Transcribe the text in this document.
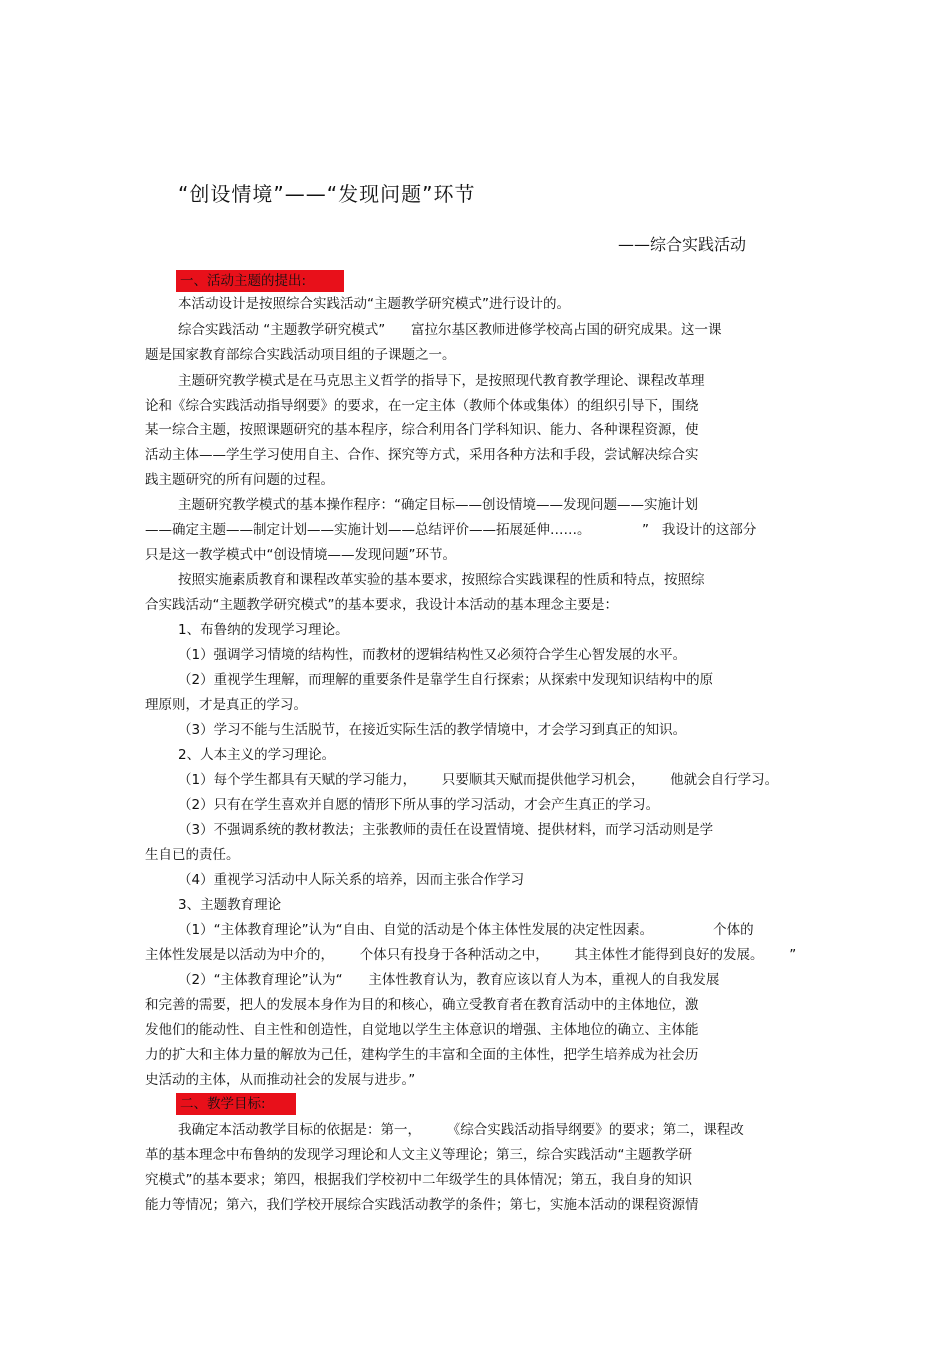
“创设情境”——“发现问题”环节
——综合实践活动
一、活动主题的提出:
本活动设计是按照综合实践活动“主题教学研究模式”进行设计的。
综合实践活动 “主题教学研究模式”      富拉尔基区教师进修学校高占国的研究成果。这一课
题是国家教育部综合实践活动项目组的子课题之一。
主题研究教学模式是在马克思主义哲学的指导下，是按照现代教育教学理论、课程改革理
论和《综合实践活动指导纲要》的要求，在一定主体（教师个体或集体）的组织引导下，围绕
某一综合主题，按照课题研究的基本程序，综合利用各门学科知识、能力、各种课程资源，使
活动主体——学生学习使用自主、合作、探究等方式，采用各种方法和手段，尝试解决综合实
践主题研究的所有问题的过程。
主题研究教学模式的基本操作程序：“确定目标——创设情境——发现问题——实施计划
——确定主题——制定计划——实施计划——总结评价——拓展延伸……。            ”   我设计的这部分
只是这一教学模式中“创设情境——发现问题”环节。
按照实施素质教育和课程改革实验的基本要求，按照综合实践课程的性质和特点，按照综
合实践活动“主题教学研究模式”的基本要求，我设计本活动的基本理念主要是：
1、布鲁纳的发现学习理论。
（1）强调学习情境的结构性，而教材的逻辑结构性又必须符合学生心智发展的水平。
（2）重视学生理解，而理解的重要条件是靠学生自行探索；从探索中发现知识结构中的原
理原则，才是真正的学习。
（3）学习不能与生活脱节，在接近实际生活的教学情境中，才会学习到真正的知识。
2、人本主义的学习理论。
（1）每个学生都具有天赋的学习能力，      只要顺其天赋而提供他学习机会，      他就会自行学习。
（2）只有在学生喜欢并自愿的情形下所从事的学习活动，才会产生真正的学习。
（3）不强调系统的教材教法；主张教师的责任在设置情境、提供材料，而学习活动则是学
生自已的责任。
（4）重视学习活动中人际关系的培养，因而主张合作学习
3、主题教育理论
（1）“主体教育理论”认为“自由、自觉的活动是个体主体性发展的决定性因素。              个体的
主体性发展是以活动为中介的，      个体只有投身于各种活动之中，      其主体性才能得到良好的发展。      ”
（2）“主体教育理论”认为“      主体性教育认为，教育应该以育人为本，重视人的自我发展
和完善的需要，把人的发展本身作为目的和核心，确立受教育者在教育活动中的主体地位，激
发他们的能动性、自主性和创造性，自觉地以学生主体意识的增强、主体地位的确立、主体能
力的扩大和主体力量的解放为己任，建构学生的丰富和全面的主体性，把学生培养成为社会历
史活动的主体，从而推动社会的发展与进步。”
二、教学目标:
我确定本活动教学目标的依据是：第一，      《综合实践活动指导纲要》的要求；第二，课程改
革的基本理念中布鲁纳的发现学习理论和人文主义等理论；第三，综合实践活动“主题教学研
究模式”的基本要求；第四，根据我们学校初中二年级学生的具体情况；第五，我自身的知识
能力等情况；第六，我们学校开展综合实践活动教学的条件；第七，实施本活动的课程资源情
